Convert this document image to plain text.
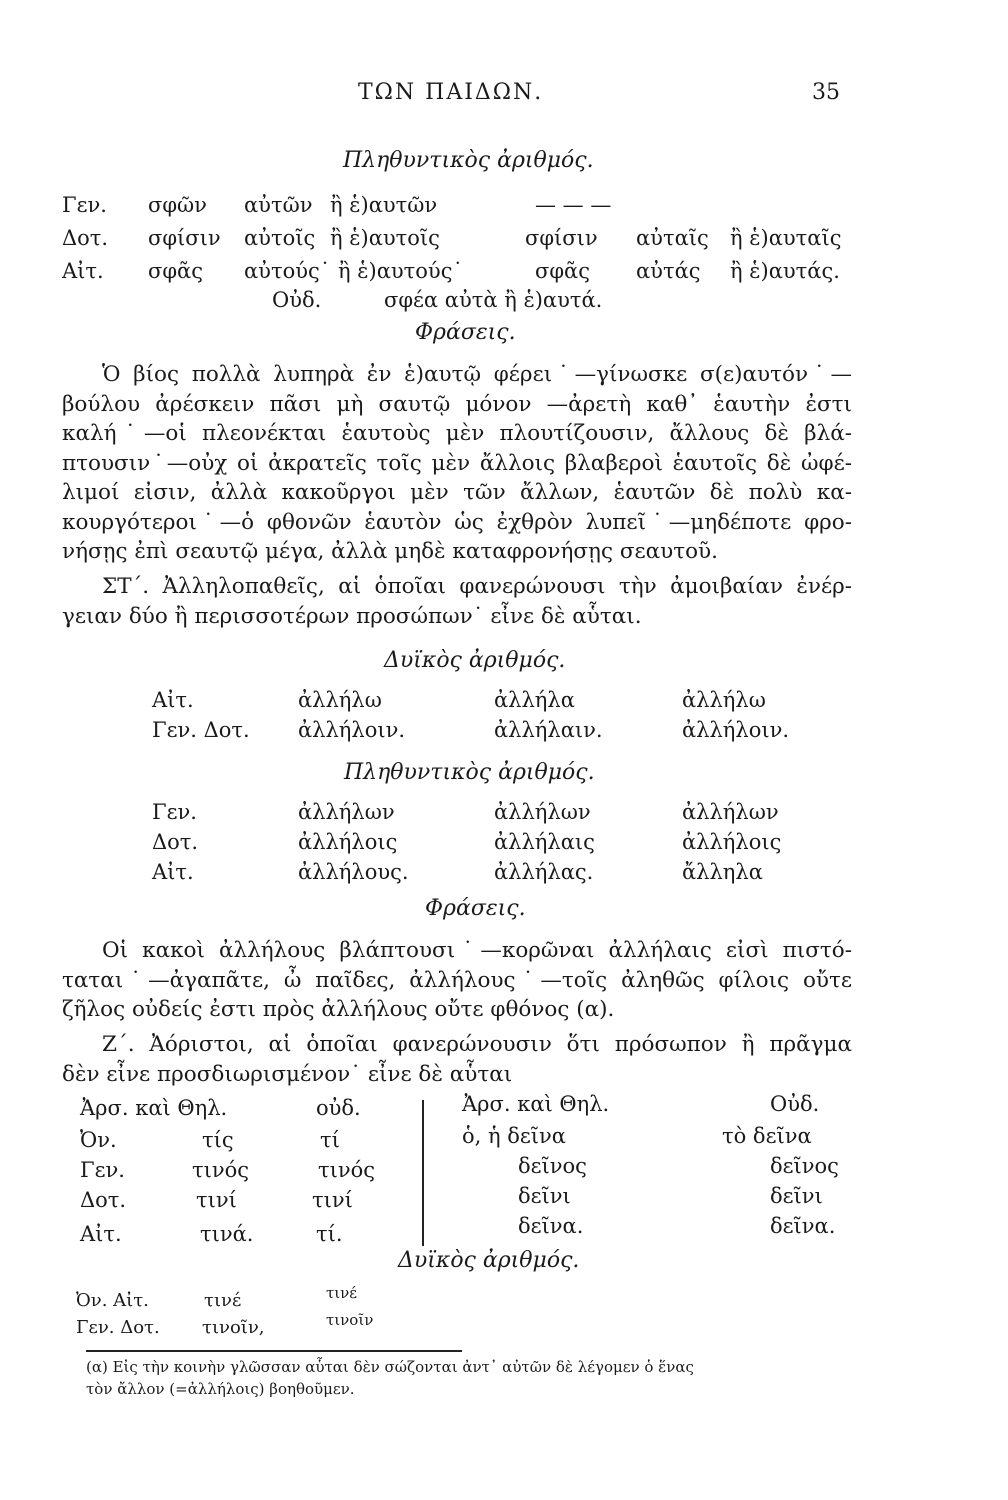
ΤΩΝ ΠΑΙΔΩΝ.	35
Πληθυντικὸς ἀριθμός.
Γεν. σφῶν αὐτῶν ἢ ἑ)αυτῶν	— — —
Δοτ. σφίσιν αὐτοῖς ἢ ἑ)αυτοῖς	σφίσιν αὐταῖς ἢ ἑ)αυταῖς
Αἰτ. σφᾶς αὐτούς˙ ἢ ἑ)αυτούς˙	σφᾶς αὐτάς ἢ ἑ)αυτάς.
Οὐδ.	σφέα αὐτὰ ἢ ἑ)αυτά.
Φράσεις.
Ὁ βίος πολλὰ λυπηρὰ ἐν ἑ)αυτῷ φέρει˙—γίνωσκε σ(ε)αυτόν˙—
βούλου ἀρέσκειν πᾶσι μὴ σαυτῷ μόνον —ἀρετὴ καθ᾽ ἑαυτὴν ἐστι
καλή˙—οἱ πλεονέκται ἑαυτοὺς μὲν πλουτίζουσιν, ἄλλους δὲ βλά-
πτουσιν˙—οὐχ οἱ ἀκρατεῖς τοῖς μὲν ἄλλοις βλαβεροὶ ἑαυτοῖς δὲ ὠφέ-
λιμοί εἰσιν, ἀλλὰ κακοῦργοι μὲν τῶν ἄλλων, ἑαυτῶν δὲ πολὺ κα-
κουργότεροι˙—ὁ φθονῶν ἑαυτὸν ὡς ἐχθρὸν λυπεῖ˙—μηδέποτε φρο-
νήσῃς ἐπὶ σεαυτῷ μέγα, ἀλλὰ μηδὲ καταφρονήσῃς σεαυτοῦ.
ΣΤ΄. Ἀλληλοπαθεῖς, αἱ ὁποῖαι φανερώνουσι τὴν ἀμοιβαίαν ἐνέρ-
γειαν δύο ἢ περισσοτέρων προσώπων˙ εἶνε δὲ αὗται.
Δυϊκὸς ἀριθμός.
Αἰτ.	ἀλλήλω	ἀλλήλα	ἀλλήλω
Γεν. Δοτ. ἀλλήλοιν.	ἀλλήλαιν.	ἀλλήλοιν.
Πληθυντικὸς ἀριθμός.
Γεν.	ἀλλήλων	ἀλλήλων	ἀλλήλων
Δοτ.	ἀλλήλοις	ἀλλήλαις	ἀλλήλοις
Αἰτ.	ἀλλήλους.	ἀλλήλας.	ἄλληλα
Φράσεις.
Οἱ κακοὶ ἀλλήλους βλάπτουσι˙—κορῶναι ἀλλήλαις εἰσὶ πιστό-
ταται˙—ἀγαπᾶτε, ὦ παῖδες, ἀλλήλους˙—τοῖς ἀληθῶς φίλοις οὔτε
ζῆλος οὐδείς ἐστι πρὸς ἀλλήλους οὔτε φθόνος (α).
Ζ΄. Ἀόριστοι, αἱ ὁποῖαι φανερώνουσιν ὅτι πρόσωπον ἢ πρᾶγμα
δὲν εἶνε προσδιωρισμένον˙ εἶνε δὲ αὗται
Ἀρσ. καὶ Θηλ.	οὐδ.
Ὀν.	τίς	τί
Γεν.	τινός	τινός
Δοτ.	τινί	τινί
Αἰτ.	τινά.	τί.
Ἀρσ. καὶ Θηλ.	Οὐδ.
ὁ, ἡ δεῖνα	τὸ δεῖνα
δεῖνος	δεῖνος
δεῖνι	δεῖνι
δεῖνα.	δεῖνα.
Δυϊκὸς ἀριθμός.
Ὀν. Αἰτ.	τινέ	τινέ
Γεν. Δοτ. τινοῖν,	τινοῖν
(α) Εἰς τὴν κοινὴν γλῶσσαν αὗται δὲν σώζονται ἀντ᾽ αὐτῶν δὲ λέγομεν ὁ ἕνας
τὸν ἄλλον (=ἀλλήλοις) βοηθοῦμεν.
